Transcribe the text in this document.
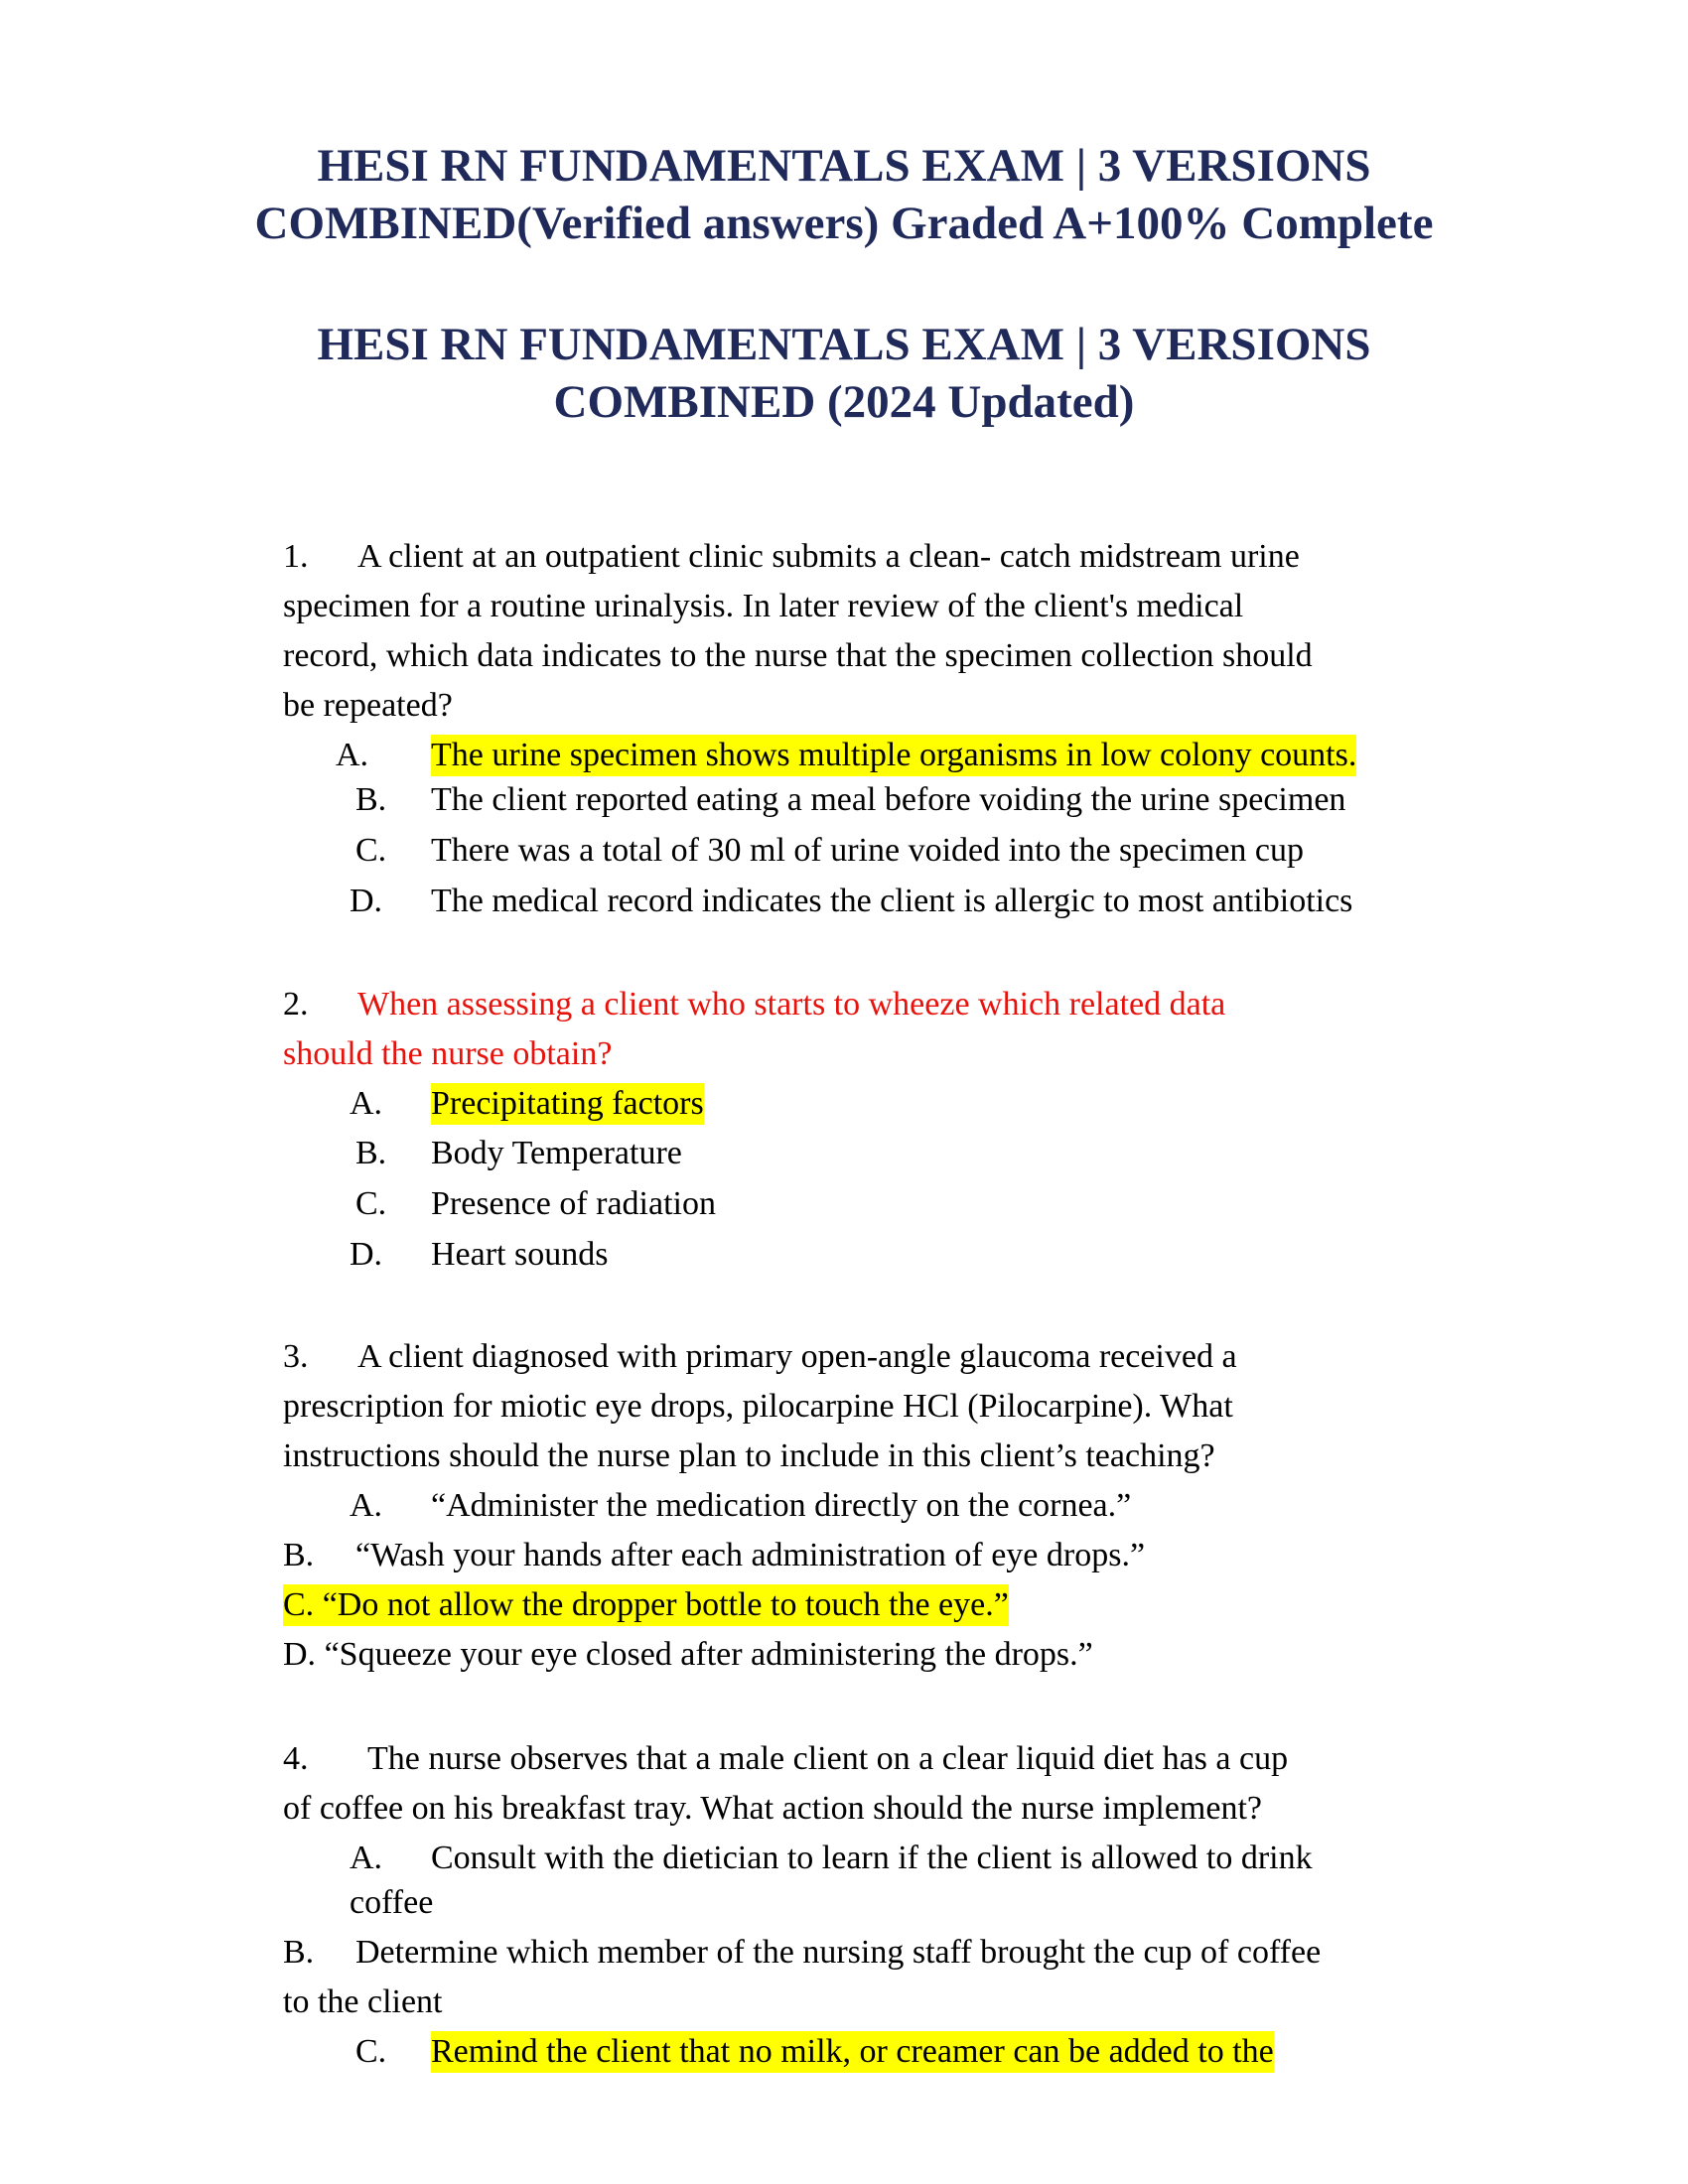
HESI RN FUNDAMENTALS EXAM | 3 VERSIONS
COMBINED(Verified answers) Graded A+100% Complete
HESI RN FUNDAMENTALS EXAM | 3 VERSIONS
COMBINED (2024 Updated)
1. A client at an outpatient clinic submits a clean- catch midstream urine
specimen for a routine urinalysis. In later review of the client's medical
record, which data indicates to the nurse that the specimen collection should
be repeated?
A. The urine specimen shows multiple organisms in low colony counts.
B. The client reported eating a meal before voiding the urine specimen
C. There was a total of 30 ml of urine voided into the specimen cup
D. The medical record indicates the client is allergic to most antibiotics
2. When assessing a client who starts to wheeze which related data
should the nurse obtain?
A. Precipitating factors
B. Body Temperature
C. Presence of radiation
D. Heart sounds
3. A client diagnosed with primary open-angle glaucoma received a
prescription for miotic eye drops, pilocarpine HCl (Pilocarpine). What
instructions should the nurse plan to include in this client’s teaching?
A. “Administer the medication directly on the cornea.”
B. “Wash your hands after each administration of eye drops.”
C. “Do not allow the dropper bottle to touch the eye.”
D. “Squeeze your eye closed after administering the drops.”
4. The nurse observes that a male client on a clear liquid diet has a cup
of coffee on his breakfast tray. What action should the nurse implement?
A. Consult with the dietician to learn if the client is allowed to drink
coffee
B. Determine which member of the nursing staff brought the cup of coffee
to the client
C. Remind the client that no milk, or creamer can be added to the
